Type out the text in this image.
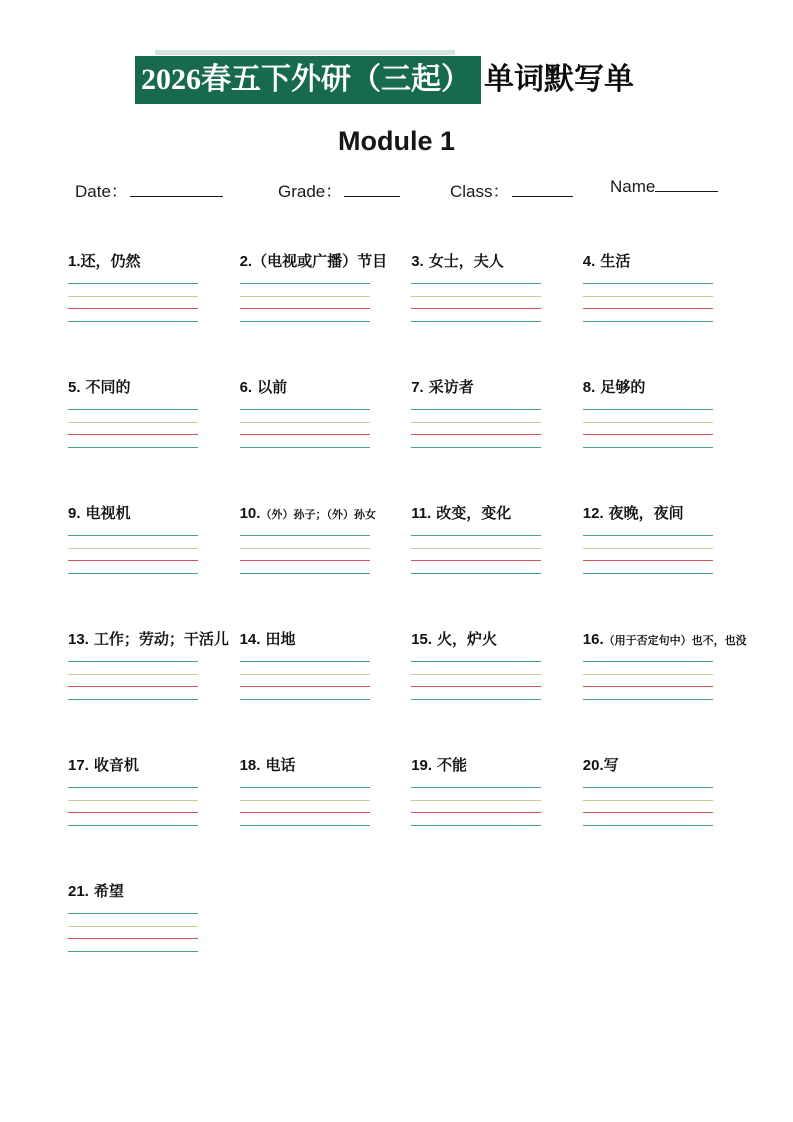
2026春五下外研（三起） 单词默写单
Module 1
Date：	Grade：	Class：	Name
1.还，仍然	2.（电视或广播）节目	3. 女士，夫人	4. 生活
5. 不同的	6. 以前	7. 采访者	8. 足够的
9. 电视机	10.（外）孙子；（外）孙女	11. 改变，变化	12. 夜晚，夜间
13. 工作；劳动；干活儿 14. 田地	15. 火，炉火	16.（用于否定句中）也不，也没
17. 收音机	18. 电话	19. 不能	20.写
21. 希望
